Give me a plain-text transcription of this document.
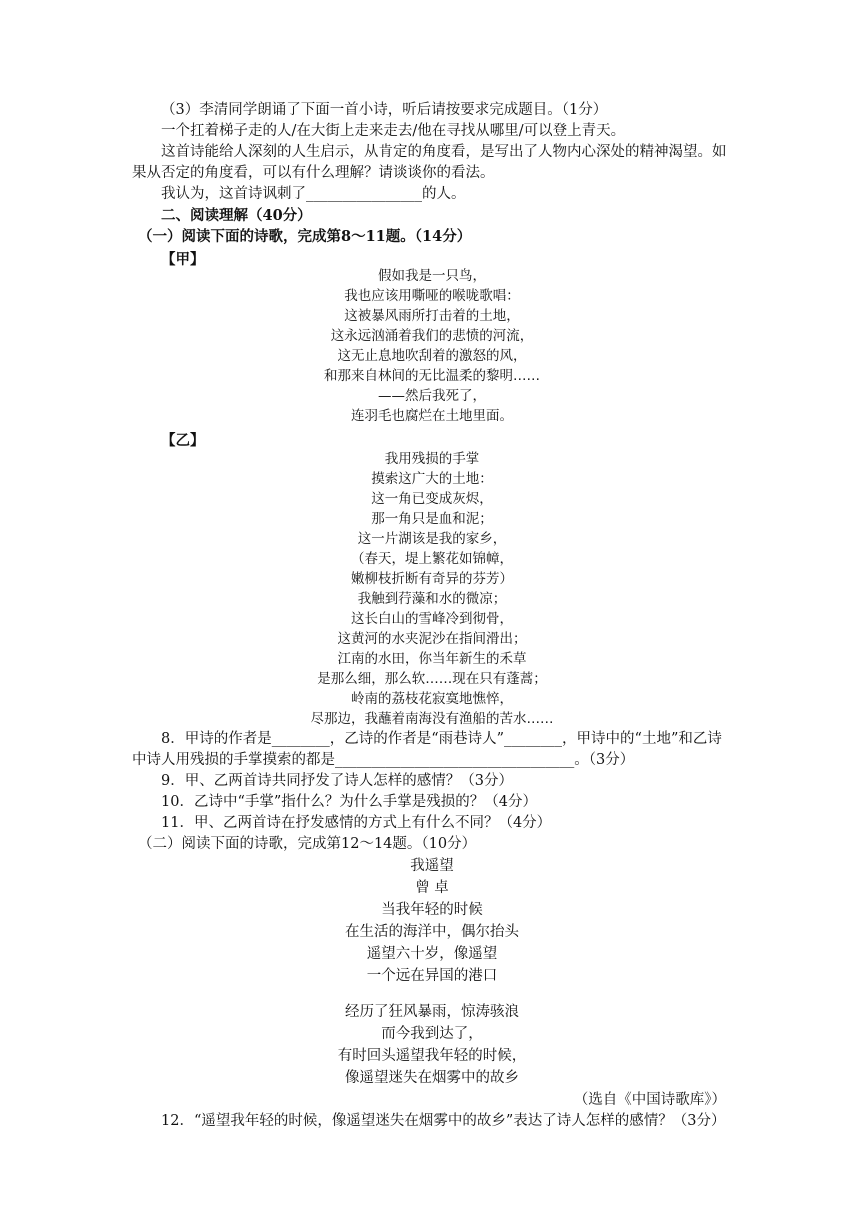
（3）李清同学朗诵了下面一首小诗，听后请按要求完成题目。（1分）

一个扛着梯子走的人/在大街上走来走去/他在寻找从哪里/可以登上青天。

这首诗能给人深刻的人生启示，从肯定的角度看，是写出了人物内心深处的精神渴望。如果从否定的角度看，可以有什么理解？请谈谈你的看法。

我认为，这首诗讽刺了________________的人。

二、阅读理解（40分）

（一）阅读下面的诗歌，完成第8～11题。（14分）

【甲】

假如我是一只鸟，
我也应该用嘶哑的喉咙歌唱：
这被暴风雨所打击着的土地，
这永远汹涌着我们的悲愤的河流，
这无止息地吹刮着的激怒的风，
和那来自林间的无比温柔的黎明……
——然后我死了，
连羽毛也腐烂在土地里面。

【乙】

我用残损的手掌
摸索这广大的土地：
这一角已变成灰烬，
那一角只是血和泥；
这一片湖该是我的家乡，
（春天，堤上繁花如锦幛，
嫩柳枝折断有奇异的芬芳）
我触到荇藻和水的微凉；
这长白山的雪峰冷到彻骨，
这黄河的水夹泥沙在指间滑出；
江南的水田，你当年新生的禾草
是那么细，那么软……现在只有蓬蒿；
岭南的荔枝花寂寞地憔悴，
尽那边，我蘸着南海没有渔船的苦水……

8．甲诗的作者是________，乙诗的作者是“雨巷诗人”________，甲诗中的“土地”和乙诗中诗人用残损的手掌摸索的都是_________________________________。（3分）

9．甲、乙两首诗共同抒发了诗人怎样的感情？（3分）

10．乙诗中“手掌”指什么？为什么手掌是残损的？（4分）

11．甲、乙两首诗在抒发感情的方式上有什么不同？（4分）

（二）阅读下面的诗歌，完成第12～14题。（10分）

我遥望
曾 卓
当我年轻的时候
在生活的海洋中，偶尔抬头
遥望六十岁，像遥望
一个远在异国的港口
经历了狂风暴雨，惊涛骇浪
而今我到达了，
有时回头遥望我年轻的时候，
像遥望迷失在烟雾中的故乡

（选自《中国诗歌库》）

12．“遥望我年轻的时候，像遥望迷失在烟雾中的故乡”表达了诗人怎样的感情？（3分）
